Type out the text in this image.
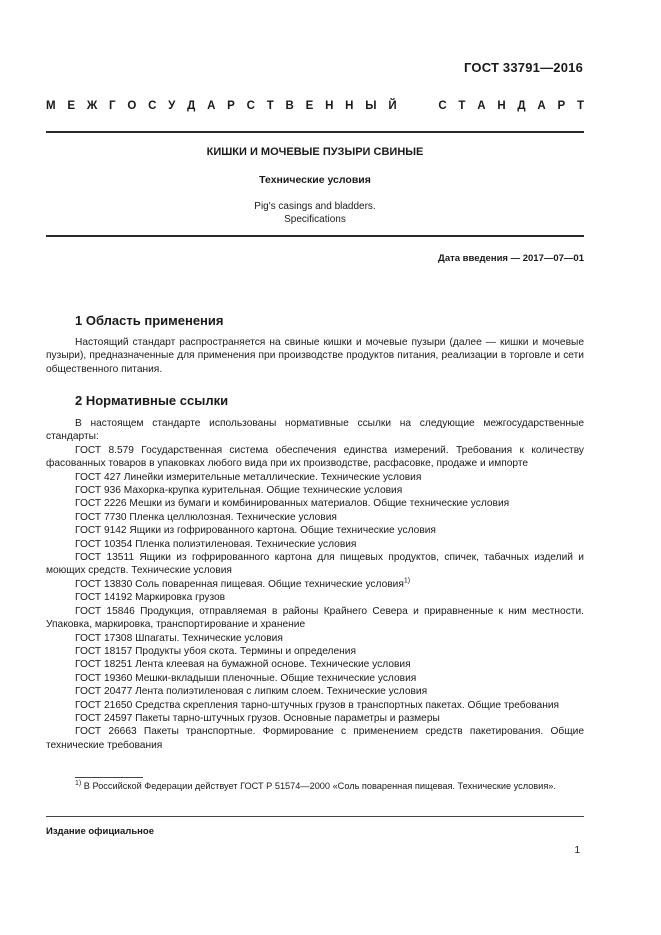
ГОСТ 33791—2016
М Е Ж Г О С У Д А Р С Т В Е Н Н Ы Й

	С Т А Н Д А Р Т
КИШКИ И МОЧЕВЫЕ ПУЗЫРИ СВИНЫЕ
Технические условия
Pig's casings and bladders.
Specifications
Дата введения — 2017—07—01
1 Область применения

Настоящий стандарт распространяется на свиные кишки и мочевые пузыри (далее — кишки и мочевые пузыри), предназначенные для применения при производстве продуктов питания, реализации в торговле и сети общественного питания.

2 Нормативные ссылки

В настоящем стандарте использованы нормативные ссылки на следующие межгосударственные стандарты:

ГОСТ 8.579 Государственная система обеспечения единства измерений. Требования к количеству фасованных товаров в упаковках любого вида при их производстве, расфасовке, продаже и импорте

ГОСТ 427 Линейки измерительные металлические. Технические условия

ГОСТ 936 Махорка-крупка курительная. Общие технические условия

ГОСТ 2226 Мешки из бумаги и комбинированных материалов. Общие технические условия

ГОСТ 7730 Пленка целлюлозная. Технические условия

ГОСТ 9142 Ящики из гофрированного картона. Общие технические условия

ГОСТ 10354 Пленка полиэтиленовая. Технические условия

ГОСТ 13511 Ящики из гофрированного картона для пищевых продуктов, спичек, табачных изделий и моющих средств. Технические условия

ГОСТ 13830 Соль поваренная пищевая. Общие технические условия$^{1)}$

ГОСТ 14192 Маркировка грузов

ГОСТ 15846 Продукция, отправляемая в районы Крайнего Севера и приравненные к ним местности. Упаковка, маркировка, транспортирование и хранение

ГОСТ 17308 Шпагаты. Технические условия

ГОСТ 18157 Продукты убоя скота. Термины и определения

ГОСТ 18251 Лента клеевая на бумажной основе. Технические условия

ГОСТ 19360 Мешки-вкладыши пленочные. Общие технические условия

ГОСТ 20477 Лента полиэтиленовая с липким слоем. Технические условия

ГОСТ 21650 Средства скрепления тарно-штучных грузов в транспортных пакетах. Общие требования

ГОСТ 24597 Пакеты тарно-штучных грузов. Основные параметры и размеры

ГОСТ 26663 Пакеты транспортные. Формирование с применением средств пакетирования. Общие технические требования

$^{1)}$ В Российской Федерации действует ГОСТ Р 51574—2000 «Соль поваренная пищевая. Технические условия».
Издание официальное
1
